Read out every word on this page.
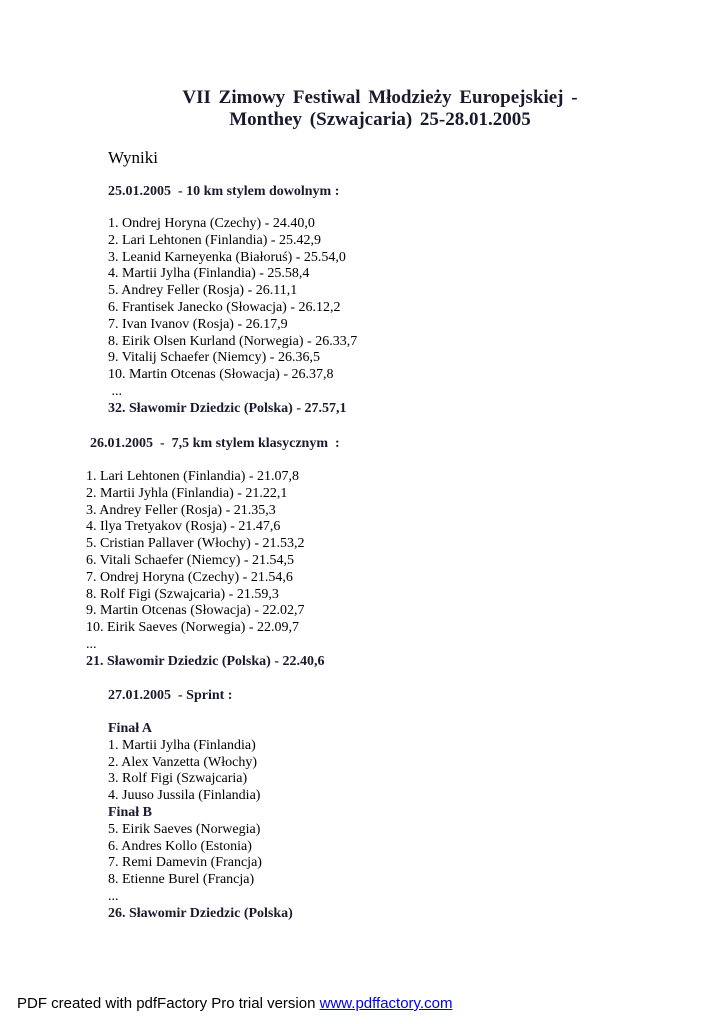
VII Zimowy Festiwal Młodzieży Europejskiej -
Monthey (Szwajcaria) 25-28.01.2005
Wyniki
25.01.2005  - 10 km stylem dowolnym :
1. Ondrej Horyna (Czechy) - 24.40,0
2. Lari Lehtonen (Finlandia) - 25.42,9
3. Leanid Karneyenka (Białoruś) - 25.54,0
4. Martii Jylha (Finlandia) - 25.58,4
5. Andrey Feller (Rosja) - 26.11,1
6. Frantisek Janecko (Słowacja) - 26.12,2
7. Ivan Ivanov (Rosja) - 26.17,9
8. Eirik Olsen Kurland (Norwegia) - 26.33,7
9. Vitalij Schaefer (Niemcy) - 26.36,5
10. Martin Otcenas (Słowacja) - 26.37,8
...
32. Sławomir Dziedzic (Polska) - 27.57,1
26.01.2005  -  7,5 km stylem klasycznym  :
1. Lari Lehtonen (Finlandia) - 21.07,8
2. Martii Jyhla (Finlandia) - 21.22,1
3. Andrey Feller (Rosja) - 21.35,3
4. Ilya Tretyakov (Rosja) - 21.47,6
5. Cristian Pallaver (Włochy) - 21.53,2
6. Vitali Schaefer (Niemcy) - 21.54,5
7. Ondrej Horyna (Czechy) - 21.54,6
8. Rolf Figi (Szwajcaria) - 21.59,3
9. Martin Otcenas (Słowacja) - 22.02,7
10. Eirik Saeves (Norwegia) - 22.09,7
...
21. Sławomir Dziedzic (Polska) - 22.40,6
27.01.2005  - Sprint :
Finał A
1. Martii Jylha (Finlandia)
2. Alex Vanzetta (Włochy)
3. Rolf Figi (Szwajcaria)
4. Juuso Jussila (Finlandia)
Finał B
5. Eirik Saeves (Norwegia)
6. Andres Kollo (Estonia)
7. Remi Damevin (Francja)
8. Etienne Burel (Francja)
...
26. Sławomir Dziedzic (Polska)
PDF created with pdfFactory Pro trial version www.pdffactory.com
